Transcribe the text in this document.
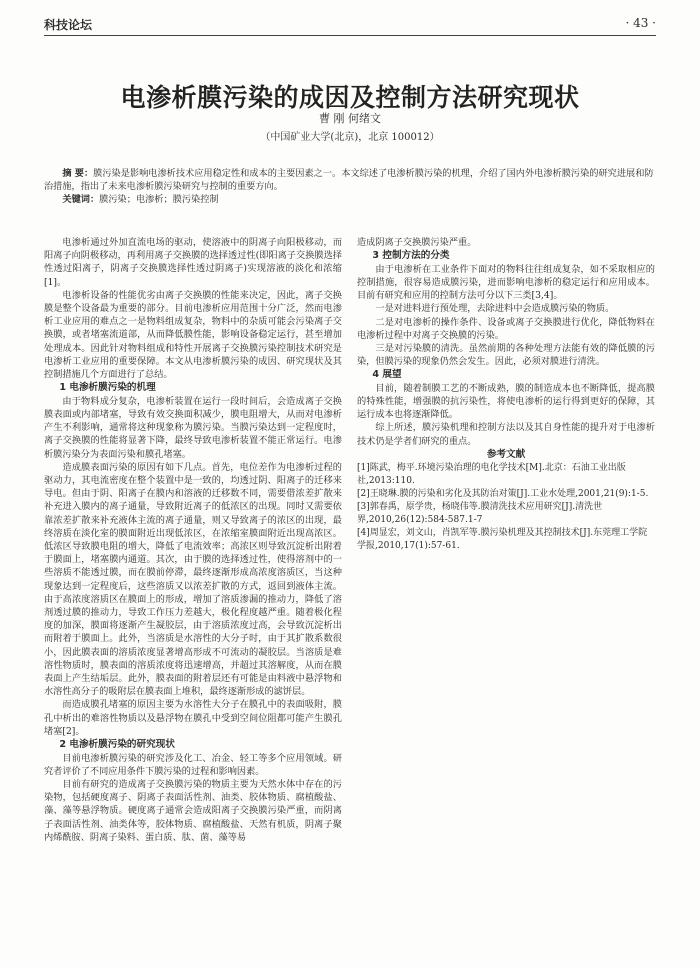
科技论坛	· 43 ·
电渗析膜污染的成因及控制方法研究现状
曹 刚 何绪文
（中国矿业大学(北京)，北京 100012）
摘 要：膜污染是影响电渗析技术应用稳定性和成本的主要因素之一。本文综述了电渗析膜污染的机理，介绍了国内外电渗析膜污染的研究进展和防治措施，指出了未来电渗析膜污染研究与控制的重要方向。
关键词：膜污染；电渗析；膜污染控制

电渗析通过外加直流电场的驱动，使溶液中的阴离子向阳极移动，而阳离子向阴极移动，再利用离子交换膜的选择透过性(即阳离子交换膜选择性透过阳离子，阴离子交换膜选择性透过阴离子)实现溶液的淡化和浓缩[1]。

电渗析设备的性能优劣由离子交换膜的性能来决定，因此，离子交换膜是整个设备最为重要的部分。目前电渗析应用范围十分广泛，然而电渗析工业应用的难点之一是物料组成复杂，物料中的杂质可能会污染离子交换膜，或者堵塞流道部，从而降低膜性能，影响设备稳定运行，甚至增加处理成本。因此针对物料组成和特性开展离子交换膜污染控制技术研究是电渗析工业应用的重要保障。本文从电渗析膜污染的成因、研究现状及其控制措施几个方面进行了总结。

1 电渗析膜污染的机理

由于物料成分复杂，电渗析装置在运行一段时间后，会造成离子交换膜表面或内部堵塞，导致有效交换面积减少，膜电阻增大，从而对电渗析产生不利影响，通常将这种现象称为膜污染。当膜污染达到一定程度时，离子交换膜的性能将显著下降，最终导致电渗析装置不能正常运行。电渗析膜污染分为表面污染和膜孔堵塞。

造成膜表面污染的原因有如下几点。首先，电位差作为电渗析过程的驱动力，其电流密度在整个装置中是一致的，均透过阴、阳离子的迁移来导电。但由于阴、阳离子在膜内和溶液的迁移数不同，需要借浓差扩散来补充进入膜内的离子通量，导致附近离子的低浓区的出现。同时又需要依靠浓差扩散来补充液体主流的离子通量，则又导致离子的浓区的出现，最终溶质在淡化室的膜面附近出现低浓区，在浓缩室膜面附近出现高浓区。低浓区导致膜电阻的增大，降低了电流效率；高浓区则导致沉淀析出附着于膜面上，堵塞膜内通道。其次，由于膜的选择透过性，使得溶剂中的一些溶质不能透过膜，而在膜前停滞，最终逐渐形成高浓度溶质区，当这种现象达到一定程度后，这些溶质又以浓差扩散的方式，返回到液体主流。由于高浓度溶质区在膜面上的形成，增加了溶质渗漏的推动力，降低了溶剂透过膜的推动力，导致工作压力差越大，极化程度越严重。随着极化程度的加深，膜面将逐渐产生凝胶层，由于溶质浓度过高，会导致沉淀析出而附着于膜面上。此外，当溶质是水溶性的大分子时，由于其扩散系数很小，因此膜表面的溶质浓度显著增高形成不可流动的凝胶层。当溶质是难溶性物质时，膜表面的溶质浓度将迅速增高，并超过其溶解度，从而在膜表面上产生结垢层。此外，膜表面的附着层还有可能是由料液中悬浮物和水溶性高分子的吸附层在膜表面上堆积，最终逐渐形成的滤饼层。

而造成膜孔堵塞的原因主要为水溶性大分子在膜孔中的表面吸附，膜孔中析出的难溶性物质以及悬浮物在膜孔中受到空间位阻都可能产生膜孔堵塞[2]。

2 电渗析膜污染的研究现状

目前电渗析膜污染的研究涉及化工、冶金、轻工等多个应用领域。研究者评价了不同应用条件下膜污染的过程和影响因素。

目前有研究的造成离子交换膜污染的物质主要为天然水体中存在的污染物，包括硬度离子、阴离子表面活性剂、油类、胶体物质、腐植酸盐、藻、藻等悬浮物质。硬度离子通常会造成阳离子交换膜污染严重，而阴离子表面活性剂、油类体等，胶体物质、腐植酸盐、天然有机质，阴离子聚内烯酰胺、阴离子染料、蛋白质、肽、菌、藻等易

造成阴离子交换膜污染严重。

3 控制方法的分类

由于电渗析在工业条件下面对的物料往往组成复杂，如不采取相应的控制措施，很容易造成膜污染，进而影响电渗析的稳定运行和应用成本。目前有研究和应用的控制方法可分以下三类[3,4]。

一是对进料进行预处理，去除进料中会造成膜污染的物质。

二是对电渗析的操作条件、设备或离子交换膜进行优化，降低物料在电渗析过程中对离子交换膜的污染。

三是对污染膜的清洗。虽然前期的各种处理方法能有效的降低膜的污染，但膜污染的现象仍然会发生。因此，必须对膜进行清洗。

4 展望

目前，随着制膜工艺的不断成熟，膜的制造成本也不断降低，提高膜的特殊性能，增强膜的抗污染性，将使电渗析的运行得到更好的保障，其运行成本也将逐渐降低。

综上所述，膜污染机理和控制方法以及其自身性能的提升对于电渗析技术仍是学者们研究的重点。

参考文献
[1]陈武，梅平.环境污染治理的电化学技术[M].北京：石油工业出版社,2013:110.
[2]王晓琳.膜的污染和劣化及其防治对策[J].工业水处理,2001,21(9):1-5.
[3]郭春禹，原学贵，杨晓伟等.膜清洗技术应用研究[J].清洗世界,2010,26(12):584-587.1-7
[4]周显宏，刘文山，肖凯军等.膜污染机理及其控制技术[J].东莞理工学院学报,2010,17(1):57-61.
